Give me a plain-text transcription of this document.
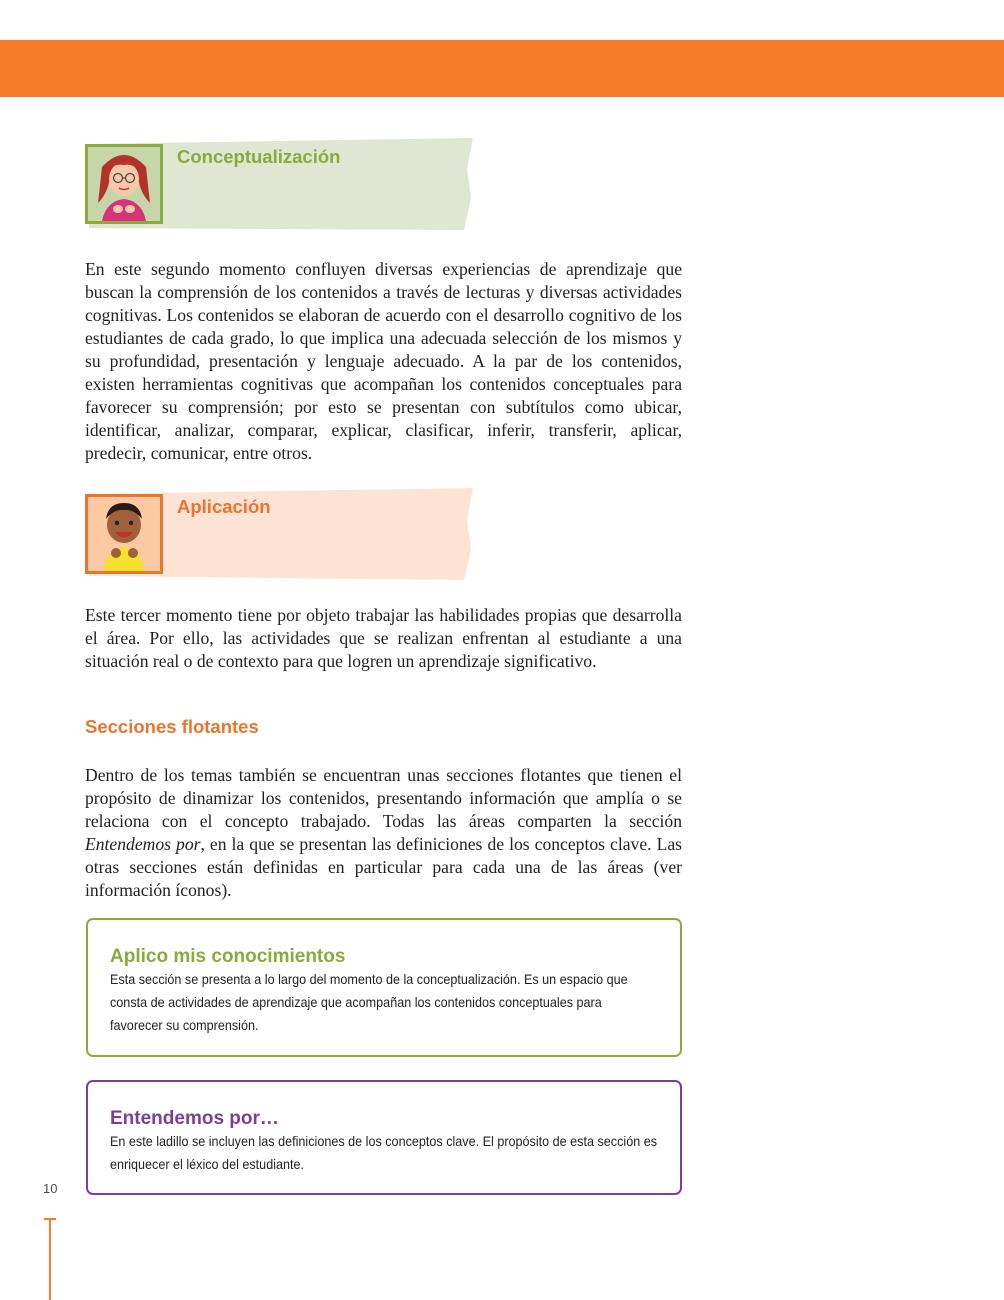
Conceptualización

En este segundo momento confluyen diversas experiencias de aprendizaje que buscan la comprensión de los contenidos a través de lecturas y diversas actividades cognitivas. Los contenidos se elaboran de acuerdo con el desarrollo cognitivo de los estudiantes de cada grado, lo que implica una adecuada selección de los mismos y su profundidad, presentación y lenguaje adecuado. A la par de los contenidos, existen herramientas cognitivas que acompañan los contenidos conceptuales para favorecer su comprensión; por esto se presentan con subtítulos como ubicar, identificar, analizar, comparar, explicar, clasificar, inferir, transferir, aplicar, predecir, comunicar, entre otros.

Aplicación

Este tercer momento tiene por objeto trabajar las habilidades propias que desarrolla el área. Por ello, las actividades que se realizan enfrentan al estudiante a una situación real o de contexto para que logren un aprendizaje significativo.

Secciones flotantes

Dentro de los temas también se encuentran unas secciones flotantes que tienen el propósito de dinamizar los contenidos, presentando información que amplía o se relaciona con el concepto trabajado. Todas las áreas comparten la sección Entendemos por, en la que se presentan las definiciones de los conceptos clave. Las otras secciones están definidas en particular para cada una de las áreas (ver información íconos).

Aplico mis conocimientos

Esta sección se presenta a lo largo del momento de la conceptualización. Es un espacio que consta de actividades de aprendizaje que acompañan los contenidos conceptuales para favorecer su comprensión.

Entendemos por…

En este ladillo se incluyen las definiciones de los conceptos clave. El propósito de esta sección es enriquecer el léxico del estudiante.

10
